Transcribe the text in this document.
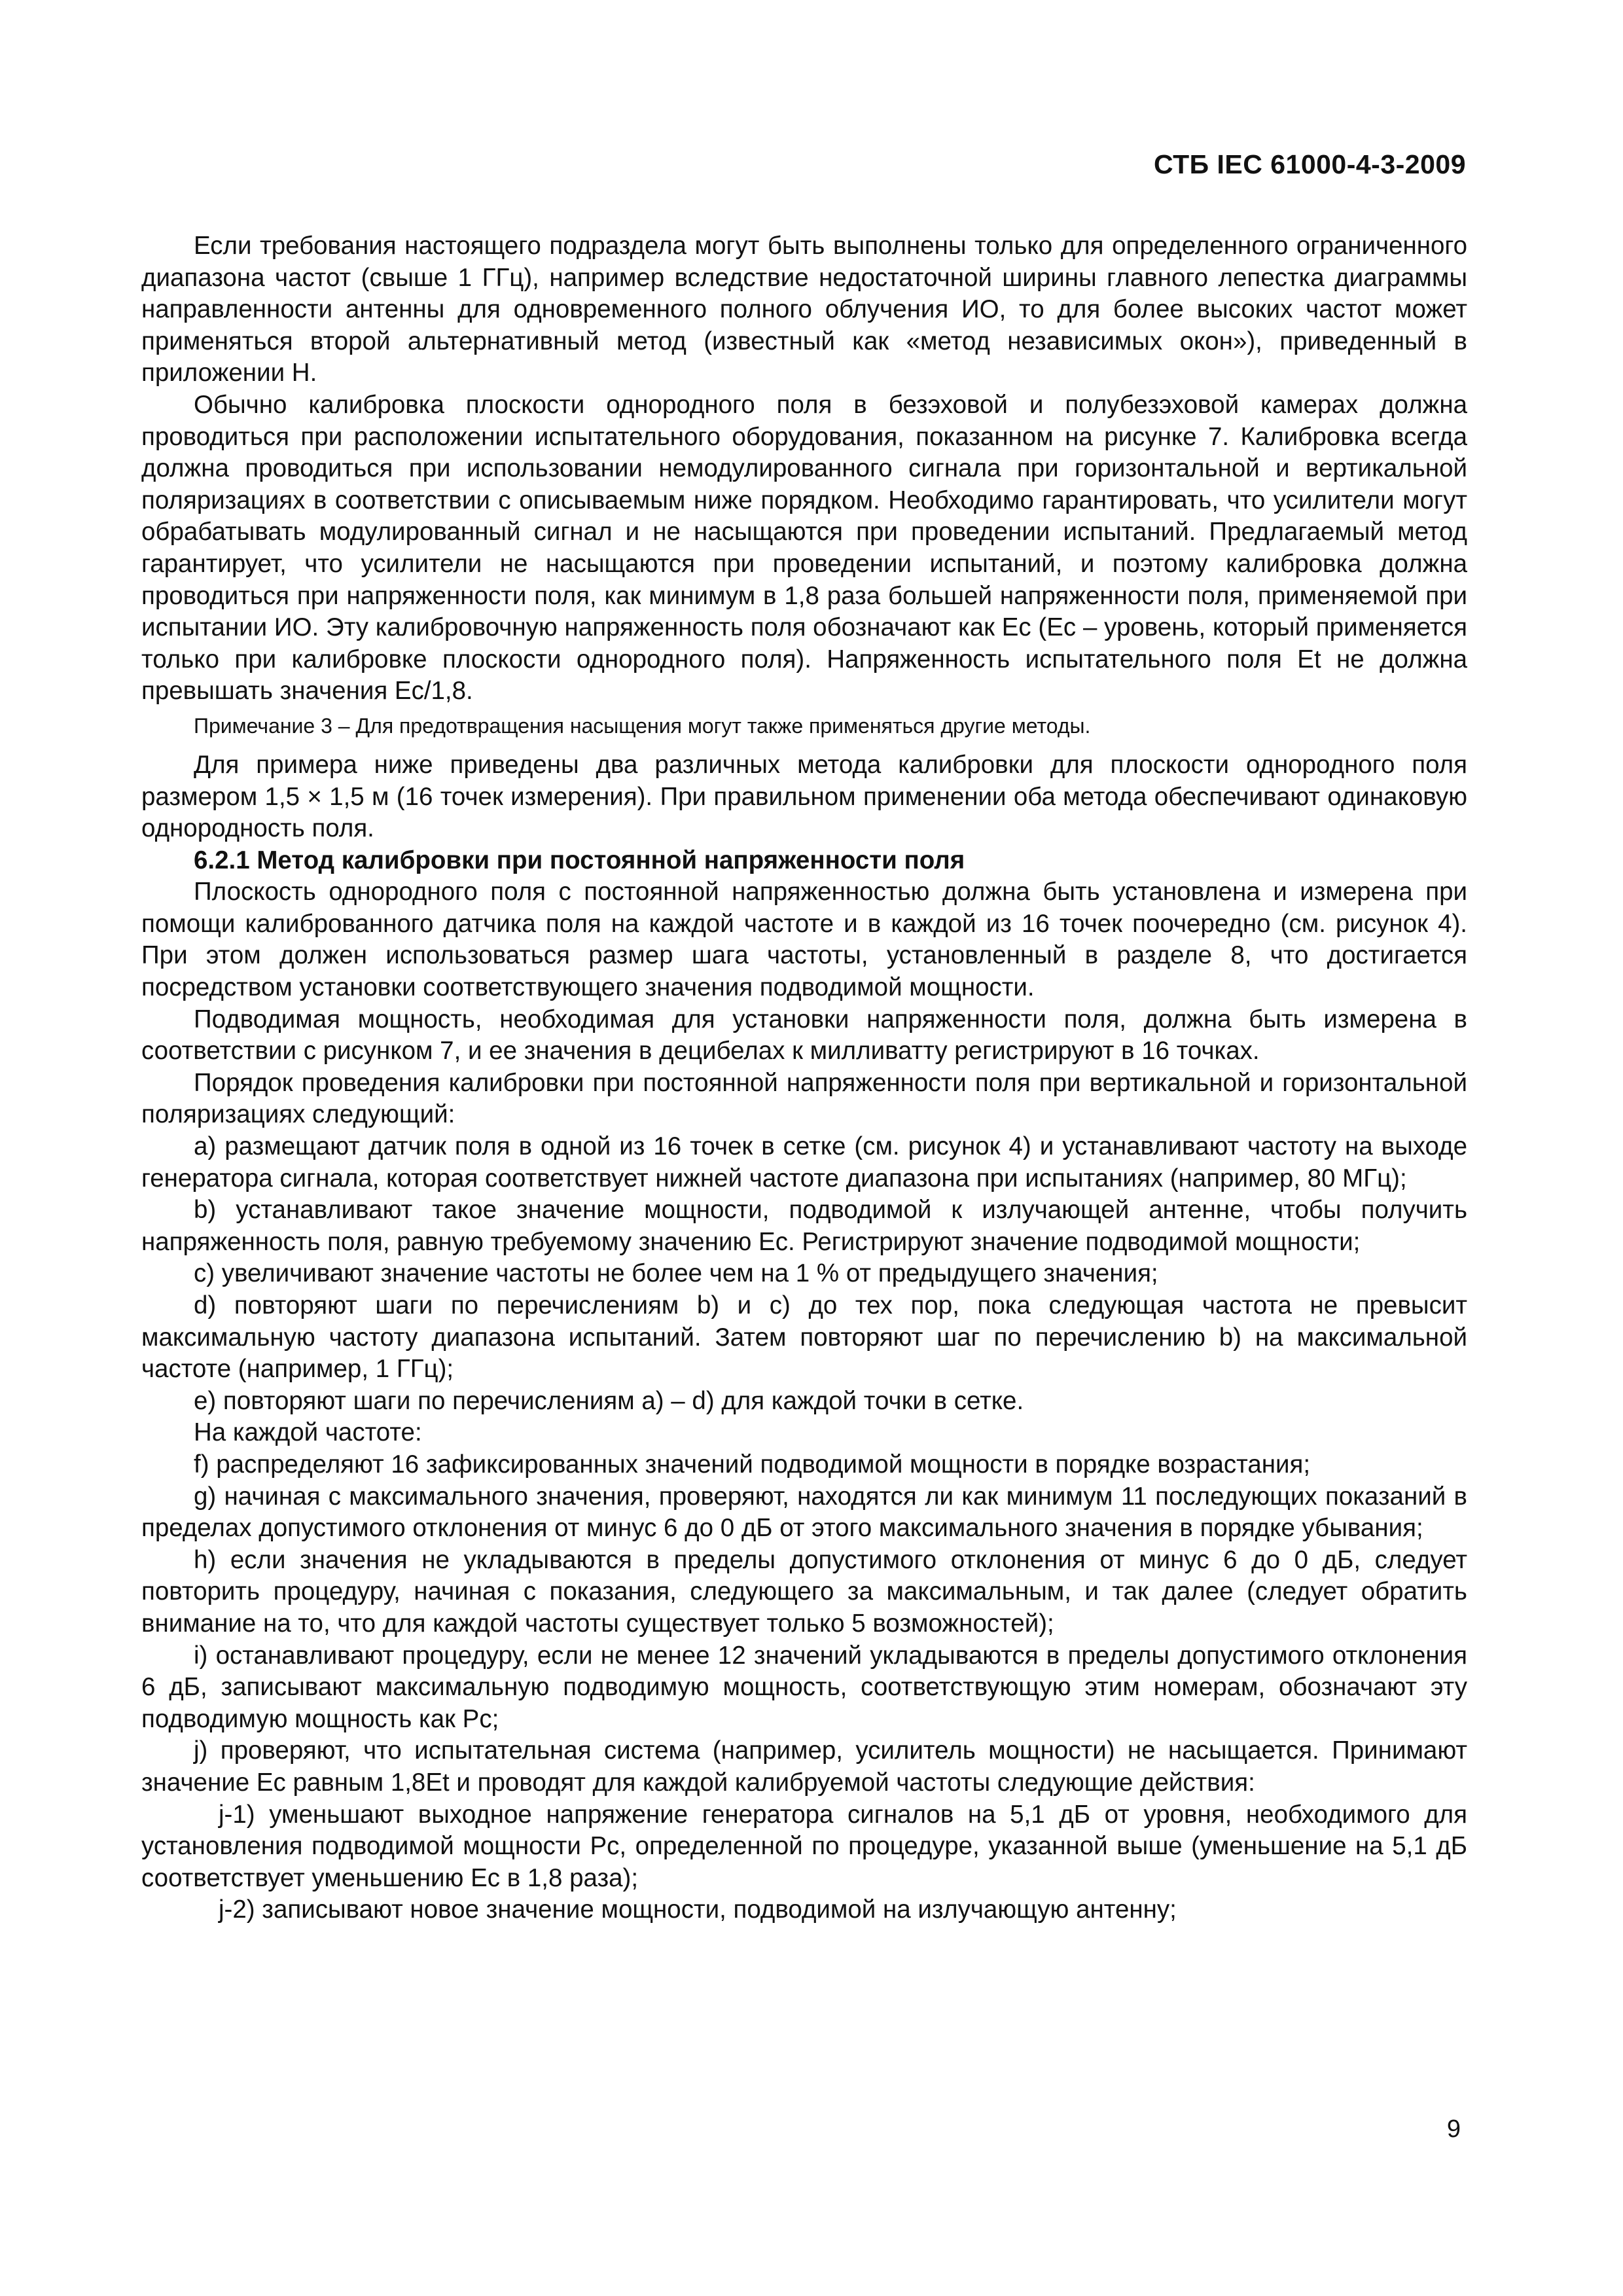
СТБ IEC 61000-4-3-2009

Если требования настоящего подраздела могут быть выполнены только для определенного ограниченного диапазона частот (свыше 1 ГГц), например вследствие недостаточной ширины главного лепестка диаграммы направленности антенны для одновременного полного облучения ИО, то для более высоких частот может применяться второй альтернативный метод (известный как «метод независимых окон»), приведенный в приложении Н.

Обычно калибровка плоскости однородного поля в безэховой и полубезэховой камерах должна проводиться при расположении испытательного оборудования, показанном на рисунке 7. Калибровка всегда должна проводиться при использовании немодулированного сигнала при горизонтальной и вертикальной поляризациях в соответствии с описываемым ниже порядком. Необходимо гарантировать, что усилители могут обрабатывать модулированный сигнал и не насыщаются при проведении испытаний. Предлагаемый метод гарантирует, что усилители не насыщаются при проведении испытаний, и поэтому калибровка должна проводиться при напряженности поля, как минимум в 1,8 раза большей напряженности поля, применяемой при испытании ИО. Эту калибровочную напряженность поля обозначают как Ec (Ec – уровень, который применяется только при калибровке плоскости однородного поля). Напряженность испытательного поля Et не должна превышать значения Ec/1,8.

Примечание 3 – Для предотвращения насыщения могут также применяться другие методы.

Для примера ниже приведены два различных метода калибровки для плоскости однородного поля размером 1,5 × 1,5 м (16 точек измерения). При правильном применении оба метода обеспечивают одинаковую однородность поля.

6.2.1 Метод калибровки при постоянной напряженности поля

Плоскость однородного поля с постоянной напряженностью должна быть установлена и измерена при помощи калиброванного датчика поля на каждой частоте и в каждой из 16 точек поочередно (см. рисунок 4). При этом должен использоваться размер шага частоты, установленный в разделе 8, что достигается посредством установки соответствующего значения подводимой мощности.

Подводимая мощность, необходимая для установки напряженности поля, должна быть измерена в соответствии с рисунком 7, и ее значения в децибелах к милливатту регистрируют в 16 точках.

Порядок проведения калибровки при постоянной напряженности поля при вертикальной и горизонтальной поляризациях следующий:

a) размещают датчик поля в одной из 16 точек в сетке (см. рисунок 4) и устанавливают частоту на выходе генератора сигнала, которая соответствует нижней частоте диапазона при испытаниях (например, 80 МГц);

b) устанавливают такое значение мощности, подводимой к излучающей антенне, чтобы получить напряженность поля, равную требуемому значению Ec. Регистрируют значение подводимой мощности;

c) увеличивают значение частоты не более чем на 1 % от предыдущего значения;

d) повторяют шаги по перечислениям b) и c) до тех пор, пока следующая частота не превысит максимальную частоту диапазона испытаний. Затем повторяют шаг по перечислению b) на максимальной частоте (например, 1 ГГц);

e) повторяют шаги по перечислениям a) – d) для каждой точки в сетке.

На каждой частоте:

f) распределяют 16 зафиксированных значений подводимой мощности в порядке возрастания;

g) начиная с максимального значения, проверяют, находятся ли как минимум 11 последующих показаний в пределах допустимого отклонения от минус 6 до 0 дБ от этого максимального значения в порядке убывания;

h) если значения не укладываются в пределы допустимого отклонения от минус 6 до 0 дБ, следует повторить процедуру, начиная с показания, следующего за максимальным, и так далее (следует обратить внимание на то, что для каждой частоты существует только 5 возможностей);

i) останавливают процедуру, если не менее 12 значений укладываются в пределы допустимого отклонения 6 дБ, записывают максимальную подводимую мощность, соответствующую этим номерам, обозначают эту подводимую мощность как Pc;

j) проверяют, что испытательная система (например, усилитель мощности) не насыщается. Принимают значение Ec равным 1,8Et и проводят для каждой калибруемой частоты следующие действия:

j-1) уменьшают выходное напряжение генератора сигналов на 5,1 дБ от уровня, необходимого для установления подводимой мощности Pc, определенной по процедуре, указанной выше (уменьшение на 5,1 дБ соответствует уменьшению Ec в 1,8 раза);

j-2) записывают новое значение мощности, подводимой на излучающую антенну;

9
